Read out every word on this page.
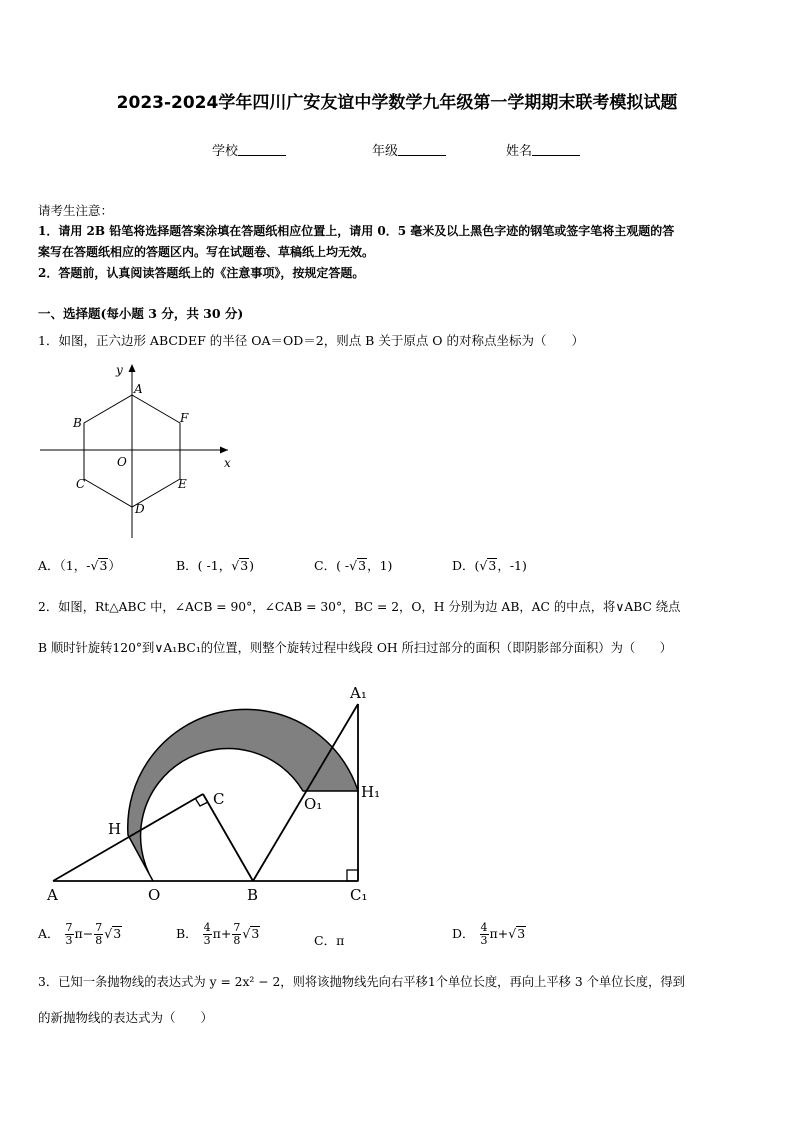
2023-2024学年四川广安友谊中学数学九年级第一学期期末联考模拟试题
学校	年级	姓名
请考生注意：
1．请用 2B 铅笔将选择题答案涂填在答题纸相应位置上，请用 0．5 毫米及以上黑色字迹的钢笔或签字笔将主观题的答
案写在答题纸相应的答题区内。写在试题卷、草稿纸上均无效。
2．答题前，认真阅读答题纸上的《注意事项》，按规定答题。
一、选择题(每小题 3 分，共 30 分)
1．如图，正六边形 ABCDEF 的半径 OA＝OD＝2，则点 B 关于原点 O 的对称点坐标为（　　）
y
x
A
B
C
D
E
F
O
A．（1，-√3）	B．( -1，√3)	C．( -√3，1)	D．(√3，-1)
2．如图，Rt△ABC 中，∠ACB = 90°，∠CAB = 30°，BC = 2，O，H 分别为边 AB，AC 的中点，将∨ABC 绕点
B 顺时针旋转120°到∨A₁BC₁的位置，则整个旋转过程中线段 OH 所扫过部分的面积（即阴影部分面积）为（　　）
A₁
H₁
C	O₁
H
A	O	B	C₁
A． $\frac{7}{3} \pi- \frac{7}{8} √3$	B． $\frac{4}{3} \pi+ \frac{7}{8} √3$	C．π	D． $\frac{4}{3} \pi+√3$
3．已知一条抛物线的表达式为 y = 2x² − 2，则将该抛物线先向右平移1个单位长度，再向上平移 3 个单位长度，得到
的新抛物线的表达式为（　　）
